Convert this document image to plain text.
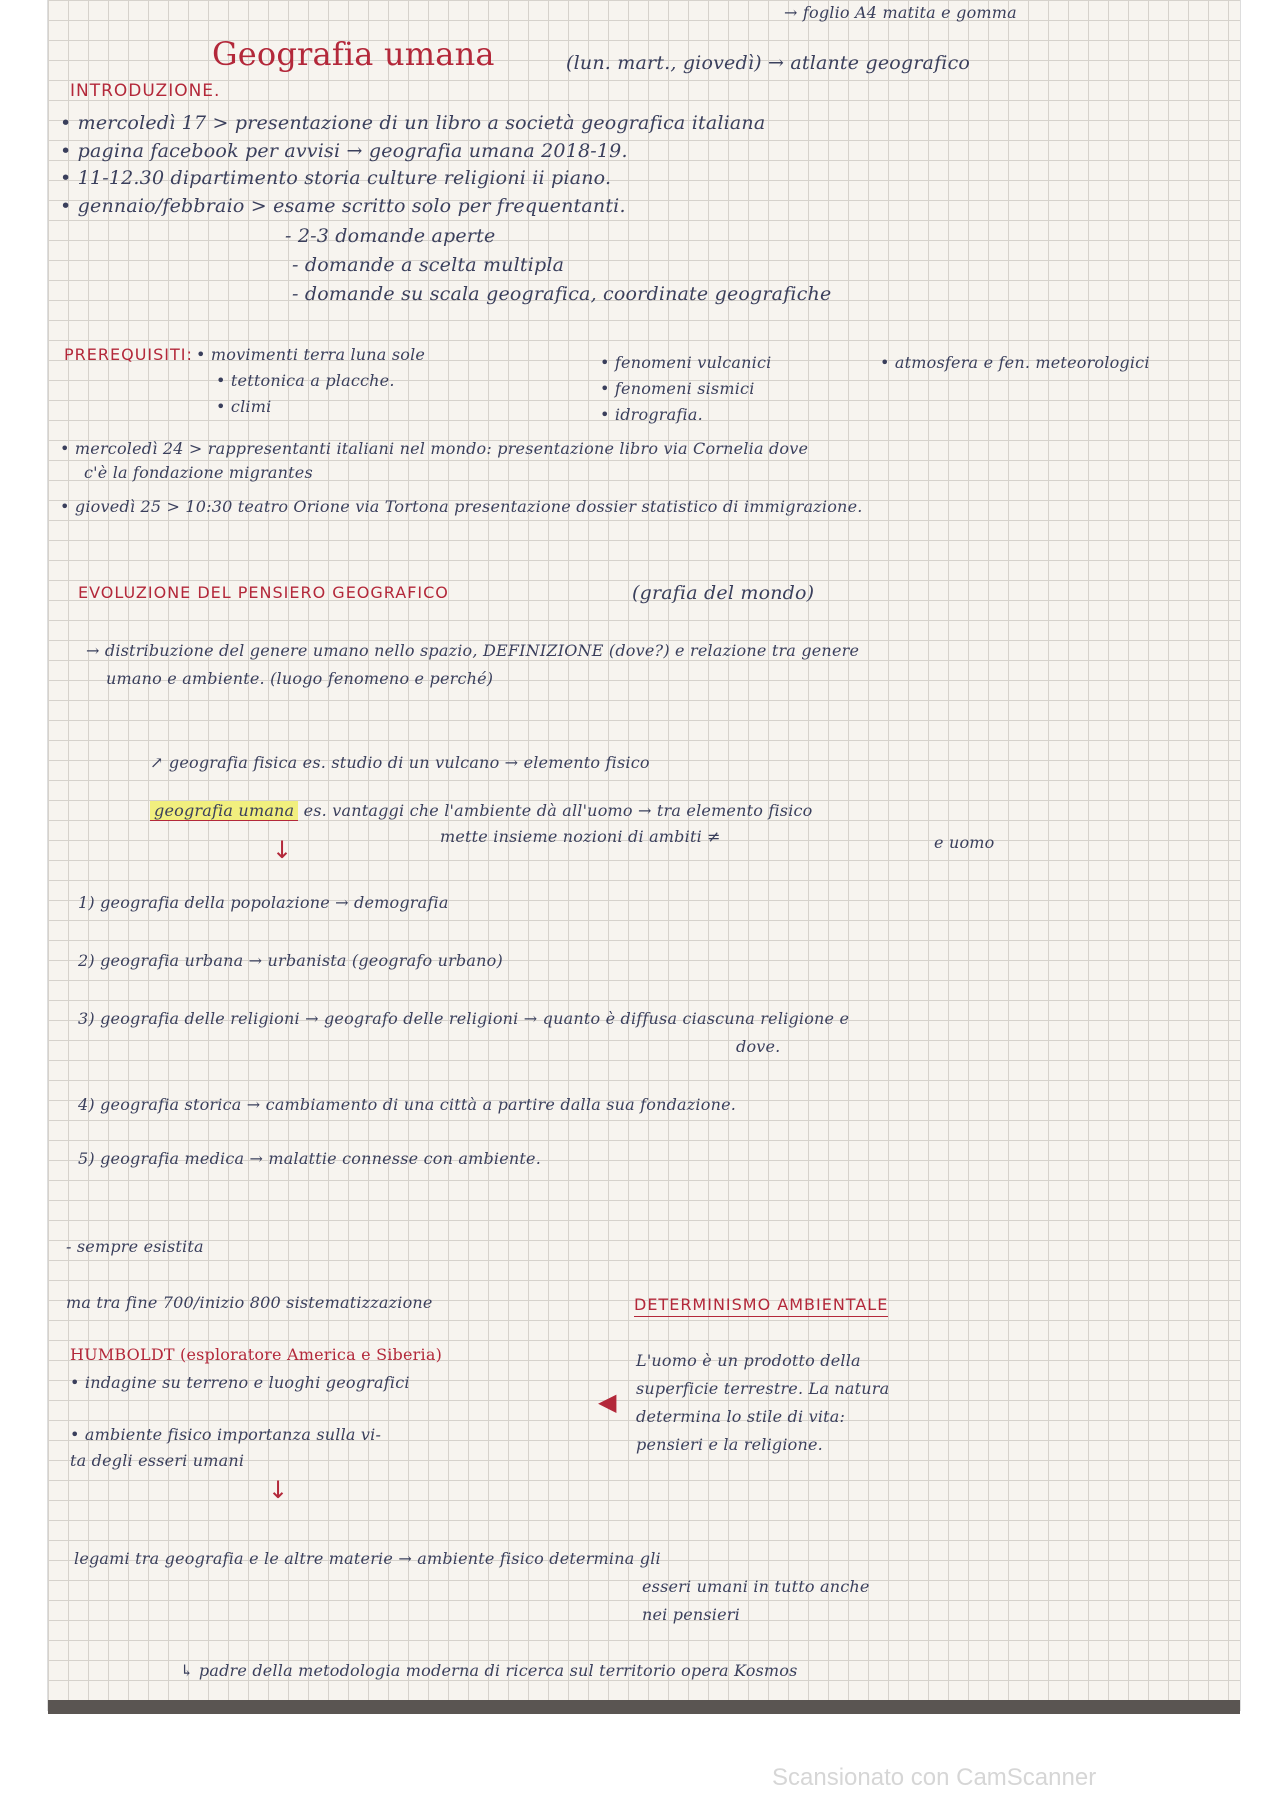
→ foglio A4 matita e gomma
Geografia umana	(lun. mart., giovedì) → atlante geografico
INTRODUZIONE.
• mercoledì 17 > presentazione di un libro a società geografica italiana
• pagina facebook per avvisi → geografia umana 2018-19.
• 11-12.30 dipartimento storia culture religioni ii piano.
• gennaio/febbraio > esame scritto solo per frequentanti.
- 2-3 domande aperte
- domande a scelta multipla
- domande su scala geografica, coordinate geografiche
PREREQUISITI: • movimenti terra luna sole
• tettonica a placche.
• climi
• fenomeni vulcanici
• fenomeni sismici
• idrografia.
• atmosfera e fen. meteorologici
• mercoledì 24 > rappresentanti italiani nel mondo: presentazione libro via Cornelia dove
c'è la fondazione migrantes
• giovedì 25 > 10:30 teatro Orione via Tortona presentazione dossier statistico di immigrazione.
EVOLUZIONE DEL PENSIERO GEOGRAFICO	(grafia del mondo)
→ distribuzione del genere umano nello spazio, DEFINIZIONE (dove?) e relazione tra genere
umano e ambiente. (luogo fenomeno e perché)
↗ geografia fisica es. studio di un vulcano → elemento fisico
geografia umana es. vantaggi che l'ambiente dà all'uomo → tra elemento fisico
mette insieme nozioni di ambiti ≠	e uomo
↓
1) geografia della popolazione → demografia
2) geografia urbana → urbanista (geografo urbano)
3) geografia delle religioni → geografo delle religioni → quanto è diffusa ciascuna religione e
dove.
4) geografia storica → cambiamento di una città a partire dalla sua fondazione.
5) geografia medica → malattie connesse con ambiente.
- sempre esistita
ma tra fine 700/inizio 800 sistematizzazione	DETERMINISMO AMBIENTALE
HUMBOLDT (esploratore America e Siberia)
• indagine su terreno e luoghi geografici
• ambiente fisico importanza sulla vi-
ta degli esseri umani
↓
◀
L'uomo è un prodotto della
superficie terrestre. La natura
determina lo stile di vita:
pensieri e la religione.
legami tra geografia e le altre materie → ambiente fisico determina gli
esseri umani in tutto anche
nei pensieri
↳ padre della metodologia moderna di ricerca sul territorio opera Kosmos
Scansionato con CamScanner
